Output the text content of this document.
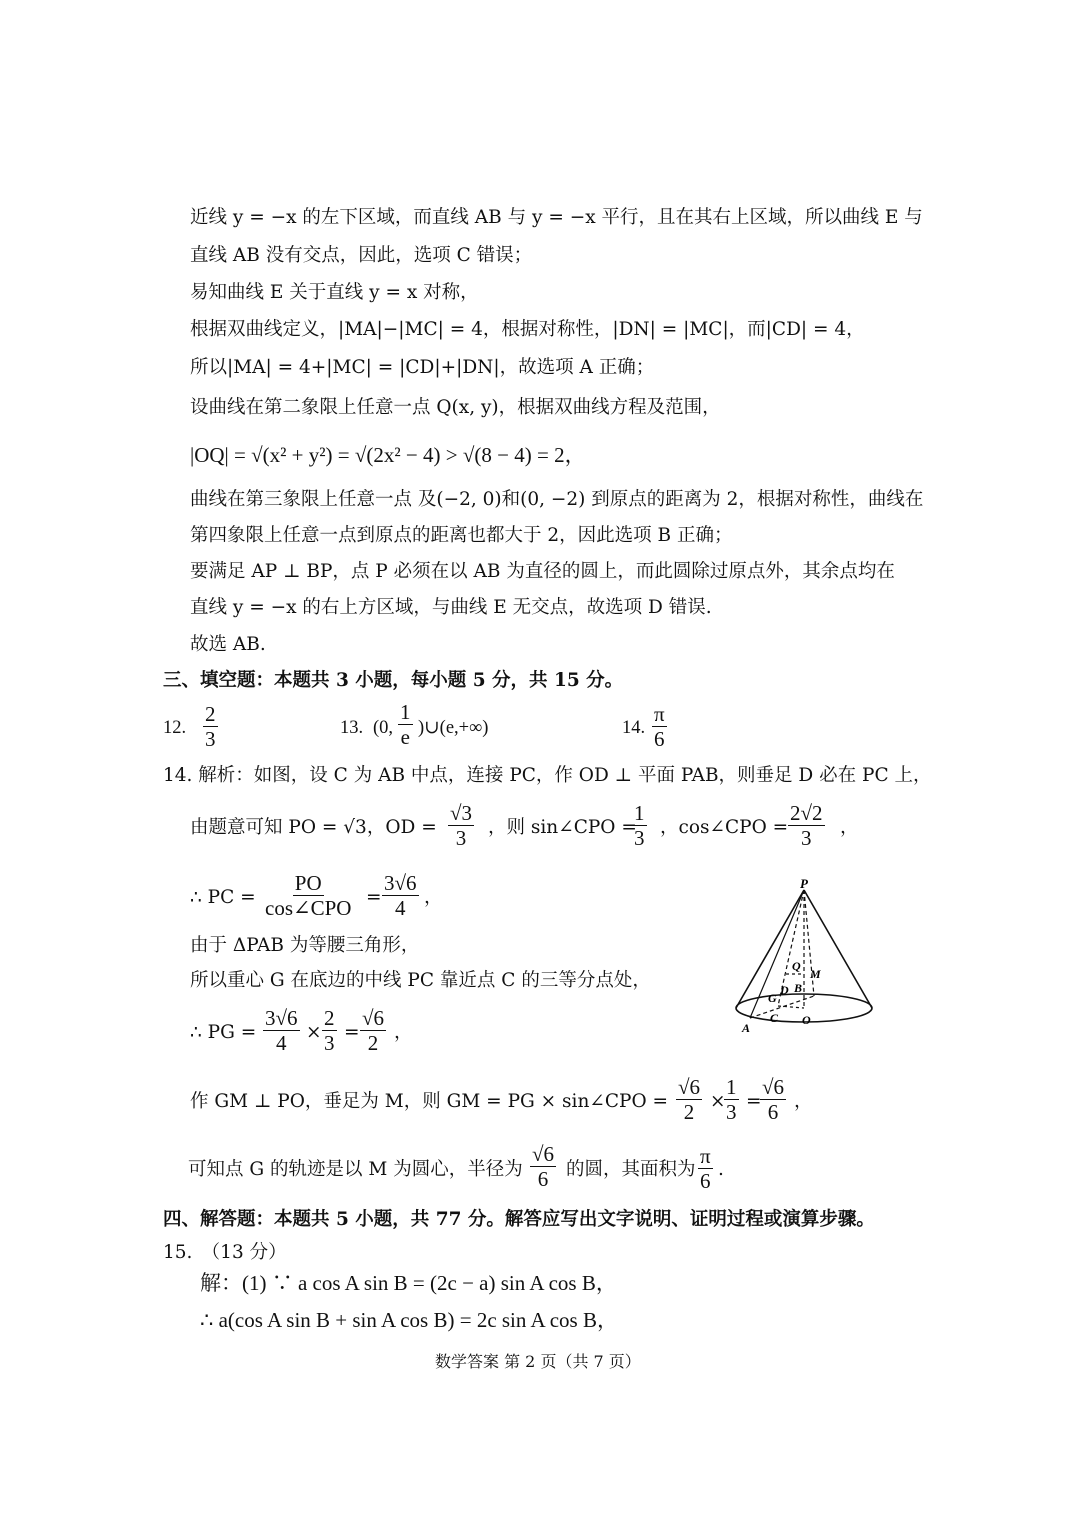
近线 y = −x 的左下区域，而直线 AB 与 y = −x 平行，且在其右上区域，所以曲线 E 与
直线 AB 没有交点，因此，选项 C 错误；
易知曲线 E 关于直线 y = x 对称，
根据双曲线定义，|MA|−|MC| = 4，根据对称性，|DN| = |MC|，而|CD| = 4，
所以|MA| = 4+|MC| = |CD|+|DN|，故选项 A 正确；
设曲线在第二象限上任意一点 Q(x, y)，根据双曲线方程及范围，
|OQ| = √(x² + y²) = √(2x² − 4) > √(8 − 4) = 2，
曲线在第三象限上任意一点 及(−2, 0)和(0, −2) 到原点的距离为 2，根据对称性，曲线在
第四象限上任意一点到原点的距离也都大于 2，因此选项 B 正确；
要满足 AP ⊥ BP，点 P 必须在以 AB 为直径的圆上，而此圆除过原点外，其余点均在
直线 y = −x 的右上方区域，与曲线 E 无交点，故选项 D 错误.
故选 AB.
三、填空题：本题共 3 小题，每小题 5 分，共 15 分。
12. $\frac{2}{3}$	13. (0, $\frac{1}{e}$ )∪(e,+∞)	14. $\frac{\pi}{6}$
14. 解析：如图，设 C 为 AB 中点，连接 PC，作 OD ⊥ 平面 PAB，则垂足 D 必在 PC 上，
由题意可知 PO = √3，OD = $\frac{√3}{3}$ ，则 sin∠CPO =
$\frac{1}{3}$ ，cos∠CPO = $\frac{2√2}{3}$ ，
∴ PC =
PO
cos∠CPO = $\frac{3√6}{4}$ ，
由于 ΔPAB 为等腰三角形，
所以重心 G 在底边的中线 PC 靠近点 C 的三等分点处，
∴ PG = $\frac{3√6}{4} \times \frac{2}{3} = \frac{√6}{2}$ ，
作 GM ⊥ PO，垂足为 M，则 GM = PG × sin∠CPO = $\frac{√6}{2}$ ×
$\frac{1}{3}$ =
$\frac{√6}{6}$ ，
可知点 G 的轨迹是以 M 为圆心，半径为 $\frac{√6}{6}$ 的圆，其面积为 $\frac{\pi}{6}$ .
P
Q
M
D B
G
C O
A
四、解答题：本题共 5 小题，共 77 分。解答应写出文字说明、证明过程或演算步骤。
15.　（13 分）
解：(1) ∵ a cos A sin B = (2c − a) sin A cos B，
∴ a(cos A sin B + sin A cos B) = 2c sin A cos B，
数学答案 第 2 页（共 7 页）
